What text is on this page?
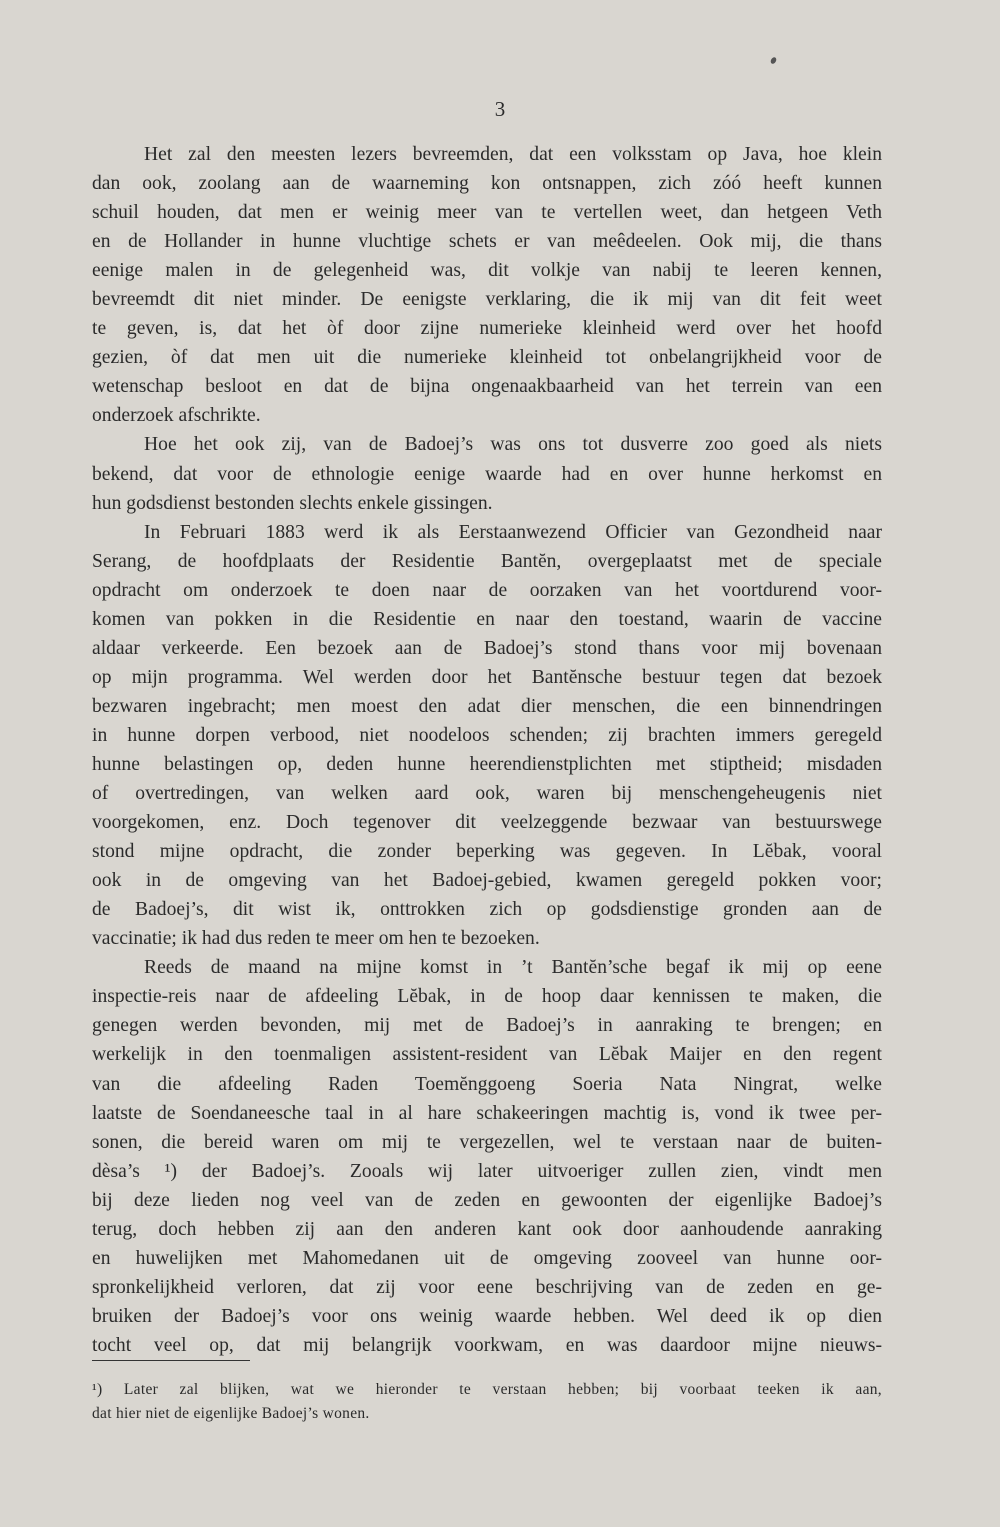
3
Het zal den meesten lezers bevreemden, dat een volksstam op Java, hoe klein
dan ook, zoolang aan de waarneming kon ontsnappen, zich zóó heeft kunnen
schuil houden, dat men er weinig meer van te vertellen weet, dan hetgeen Veth
en de Hollander in hunne vluchtige schets er van meêdeelen. Ook mij, die thans
eenige malen in de gelegenheid was, dit volkje van nabij te leeren kennen,
bevreemdt dit niet minder. De eenigste verklaring, die ik mij van dit feit weet
te geven, is, dat het òf door zijne numerieke kleinheid werd over het hoofd
gezien, òf dat men uit die numerieke kleinheid tot onbelangrijkheid voor de
wetenschap besloot en dat de bijna ongenaakbaarheid van het terrein van een
onderzoek afschrikte.
Hoe het ook zij, van de Badoej’s was ons tot dusverre zoo goed als niets
bekend, dat voor de ethnologie eenige waarde had en over hunne herkomst en
hun godsdienst bestonden slechts enkele gissingen.
In Februari 1883 werd ik als Eerstaanwezend Officier van Gezondheid naar
Serang, de hoofdplaats der Residentie Bantĕn, overgeplaatst met de speciale
opdracht om onderzoek te doen naar de oorzaken van het voortdurend voor-
komen van pokken in die Residentie en naar den toestand, waarin de vaccine
aldaar verkeerde. Een bezoek aan de Badoej’s stond thans voor mij bovenaan
op mijn programma. Wel werden door het Bantĕnsche bestuur tegen dat bezoek
bezwaren ingebracht; men moest den adat dier menschen, die een binnendringen
in hunne dorpen verbood, niet noodeloos schenden; zij brachten immers geregeld
hunne belastingen op, deden hunne heerendienstplichten met stiptheid; misdaden
of overtredingen, van welken aard ook, waren bij menschengeheugenis niet
voorgekomen, enz. Doch tegenover dit veelzeggende bezwaar van bestuurswege
stond mijne opdracht, die zonder beperking was gegeven. In Lĕbak, vooral
ook in de omgeving van het Badoej-gebied, kwamen geregeld pokken voor;
de Badoej’s, dit wist ik, onttrokken zich op godsdienstige gronden aan de
vaccinatie; ik had dus reden te meer om hen te bezoeken.
Reeds de maand na mijne komst in ’t Bantĕn’sche begaf ik mij op eene
inspectie-reis naar de afdeeling Lĕbak, in de hoop daar kennissen te maken, die
genegen werden bevonden, mij met de Badoej’s in aanraking te brengen; en
werkelijk in den toenmaligen assistent-resident van Lĕbak Maijer en den regent
van die afdeeling Raden Toemĕnggoeng Soeria Nata Ningrat, welke
laatste de Soendaneesche taal in al hare schakeeringen machtig is, vond ik twee per-
sonen, die bereid waren om mij te vergezellen, wel te verstaan naar de buiten-
dèsa’s ¹) der Badoej’s. Zooals wij later uitvoeriger zullen zien, vindt men
bij deze lieden nog veel van de zeden en gewoonten der eigenlijke Badoej’s
terug, doch hebben zij aan den anderen kant ook door aanhoudende aanraking
en huwelijken met Mahomedanen uit de omgeving zooveel van hunne oor-
spronkelijkheid verloren, dat zij voor eene beschrijving van de zeden en ge-
bruiken der Badoej’s voor ons weinig waarde hebben. Wel deed ik op dien
tocht veel op, dat mij belangrijk voorkwam, en was daardoor mijne nieuws-
¹) Later zal blijken, wat we hieronder te verstaan hebben; bij voorbaat teeken ik aan,
dat hier niet de eigenlijke Badoej’s wonen.
